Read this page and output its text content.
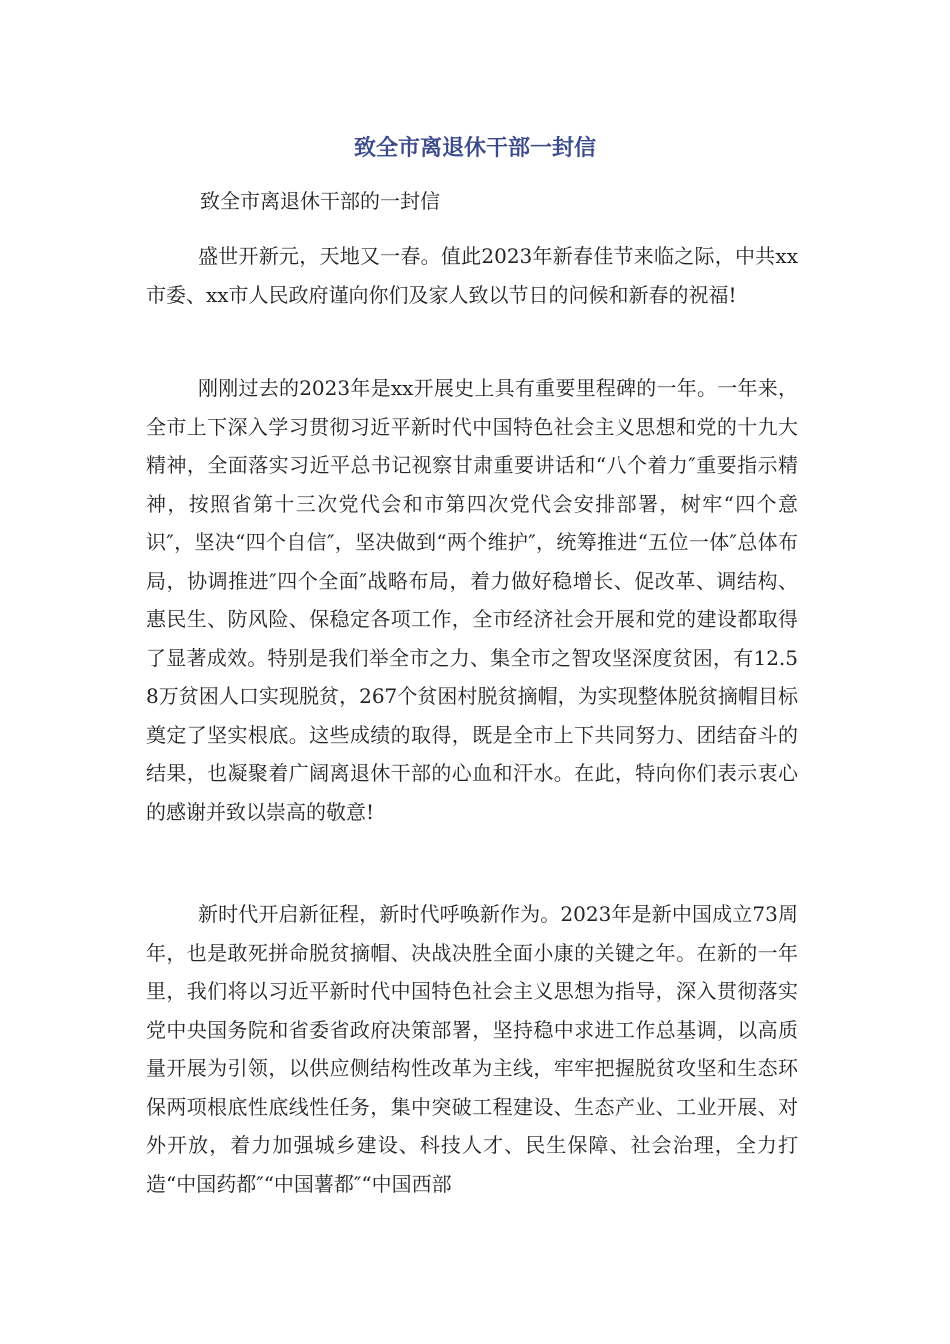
致全市离退休干部一封信

致全市离退休干部的一封信

盛世开新元，天地又一春。值此2023年新春佳节来临之际，中共xx市委、xx市人民政府谨向你们及家人致以节日的问候和新春的祝福!

刚刚过去的2023年是xx开展史上具有重要里程碑的一年。一年来，全市上下深入学习贯彻习近平新时代中国特色社会主义思想和党的十九大精神，全面落实习近平总书记视察甘肃重要讲话和“八个着力″重要指示精神，按照省第十三次党代会和市第四次党代会安排部署，树牢“四个意识″，坚决“四个自信″，坚决做到“两个维护″，统筹推进“五位一体″总体布局，协调推进″四个全面″战略布局，着力做好稳增长、促改革、调结构、惠民生、防风险、保稳定各项工作，全市经济社会开展和党的建设都取得了显著成效。特别是我们举全市之力、集全市之智攻坚深度贫困，有12.58万贫困人口实现脱贫，267个贫困村脱贫摘帽，为实现整体脱贫摘帽目标奠定了坚实根底。这些成绩的取得，既是全市上下共同努力、团结奋斗的结果，也凝聚着广阔离退休干部的心血和汗水。在此，特向你们表示衷心的感谢并致以崇高的敬意!

新时代开启新征程，新时代呼唤新作为。2023年是新中国成立73周年，也是敢死拼命脱贫摘帽、决战决胜全面小康的关键之年。在新的一年里，我们将以习近平新时代中国特色社会主义思想为指导，深入贯彻落实党中央国务院和省委省政府决策部署，坚持稳中求进工作总基调，以高质量开展为引领，以供应侧结构性改革为主线，牢牢把握脱贫攻坚和生态环保两项根底性底线性任务，集中突破工程建设、生态产业、工业开展、对外开放，着力加强城乡建设、科技人才、民生保障、社会治理，全力打造“中国药都″“中国薯都″“中国西部
